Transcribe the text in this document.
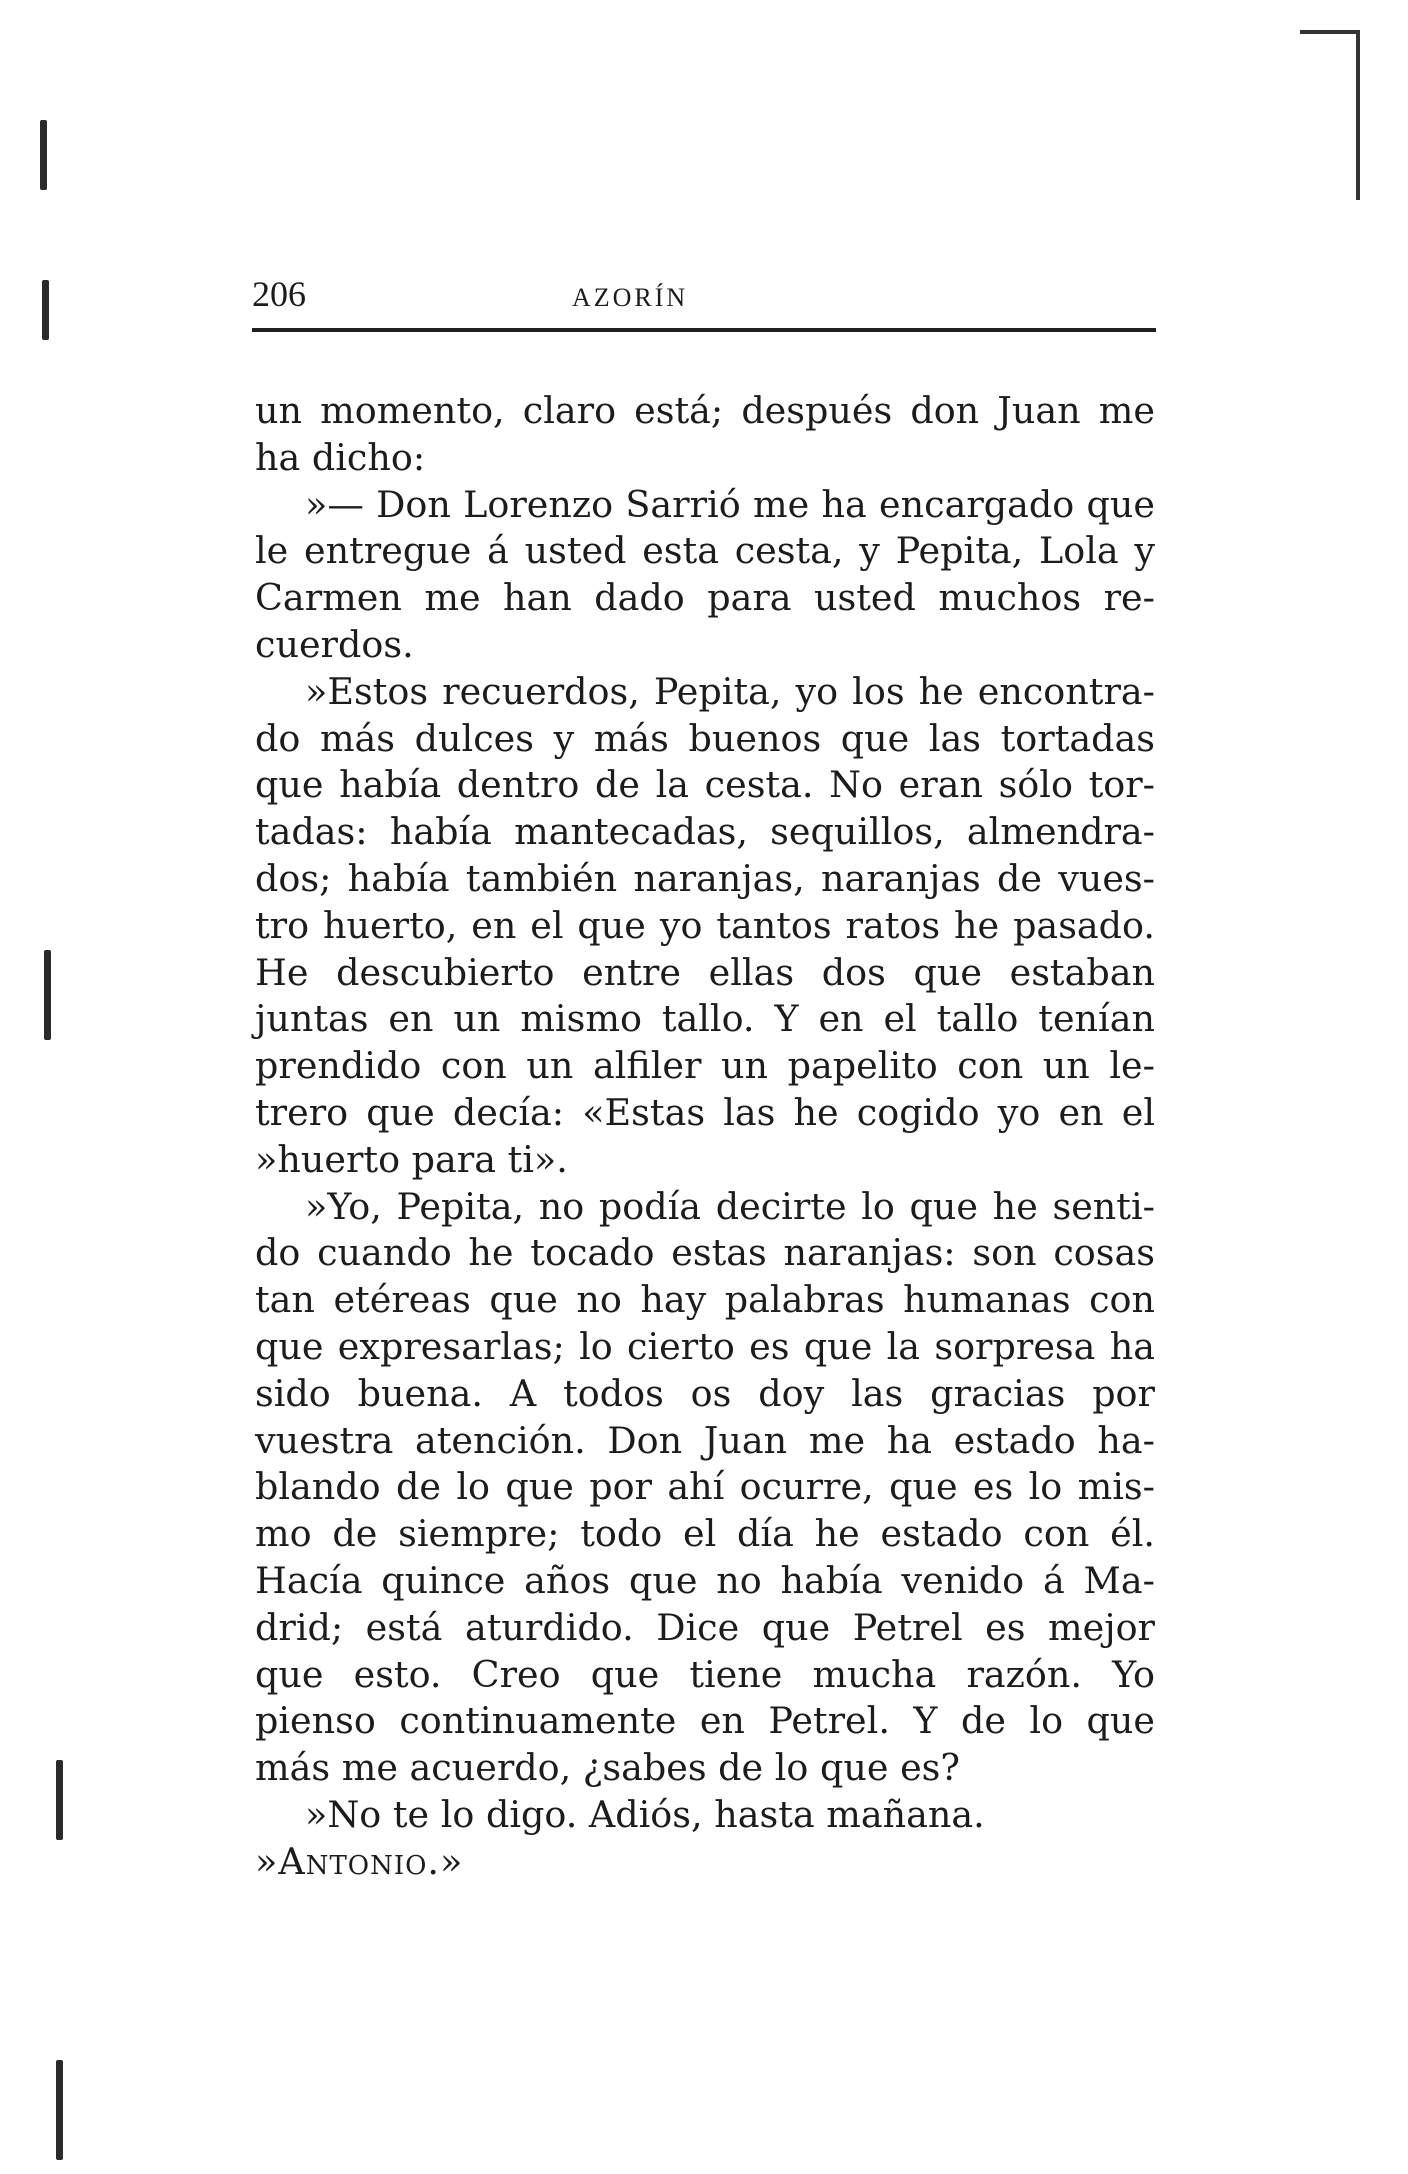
206	AZORÍN

un momento, claro está; después don Juan me ha dicho:

»— Don Lorenzo Sarrió me ha encargado que le entregue á usted esta cesta, y Pepita, Lola y Carmen me han dado para usted muchos recuerdos.

»Estos recuerdos, Pepita, yo los he encontrado más dulces y más buenos que las tortadas que había dentro de la cesta. No eran sólo tortadas: había mantecadas, sequillos, almendrados; había también naranjas, naranjas de vuestro huerto, en el que yo tantos ratos he pasado. He descubierto entre ellas dos que estaban juntas en un mismo tallo. Y en el tallo tenían prendido con un alfiler un papelito con un letrero que decía: «Estas las he cogido yo en el »huerto para ti».

»Yo, Pepita, no podía decirte lo que he sentido cuando he tocado estas naranjas: son cosas tan etéreas que no hay palabras humanas con que expresarlas; lo cierto es que la sorpresa ha sido buena. A todos os doy las gracias por vuestra atención. Don Juan me ha estado hablando de lo que por ahí ocurre, que es lo mismo de siempre; todo el día he estado con él. Hacía quince años que no había venido á Madrid; está aturdido. Dice que Petrel es mejor que esto. Creo que tiene mucha razón. Yo pienso continuamente en Petrel. Y de lo que más me acuerdo, ¿sabes de lo que es?

»No te lo digo. Adiós, hasta mañana.

»Antonio.»
